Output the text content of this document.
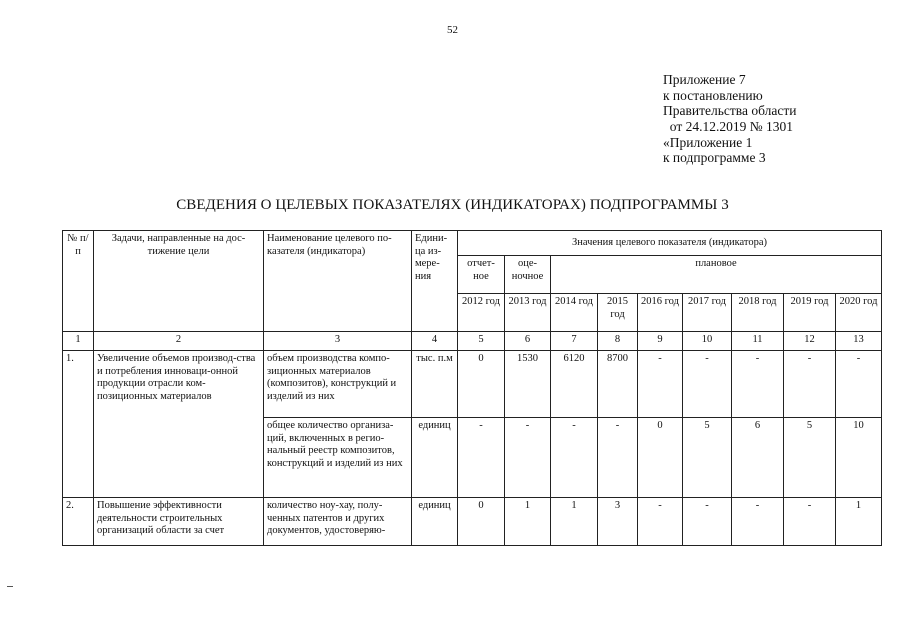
52
Приложение 7
к постановлению
Правительства области
от 24.12.2019 № 1301
«Приложение 1
к подпрограмме 3
СВЕДЕНИЯ О ЦЕЛЕВЫХ ПОКАЗАТЕЛЯХ (ИНДИКАТОРАХ) ПОДПРОГРАММЫ 3
№ п/п	Задачи, направленные на дос-тижение цели	Наименование целевого по-казателя (индикатора)	Едини-ца из-мере-ния	Значения целевого показателя (индикатора)								
				отчет-ное	оце-ночное	плановое						
				2012 год	2013 год	2014 год	2015 год	2016 год	2017 год	2018 год	2019 год	2020 год
1	2	3	4	5	6	7	8	9	10	11	12	13
1.	Увеличение объемов производ-ства и потребления инноваци-онной продукции отрасли ком-позиционных материалов	объем производства компо-зиционных материалов (композитов), конструкций и изделий из них	тыс. п.м	0	1530	6120	8700	-	-	-	-	-
		общее количество организа-ций, включенных в регио-нальный реестр композитов, конструкций и изделий из них	единиц	-	-	-	-	0	5	6	5	10
2.	Повышение эффективности деятельности строительных организаций области за счет	количество ноу-хау, полу-ченных патентов и других документов, удостоверяю-	единиц	0	1	1	3	-	-	-	-	1
